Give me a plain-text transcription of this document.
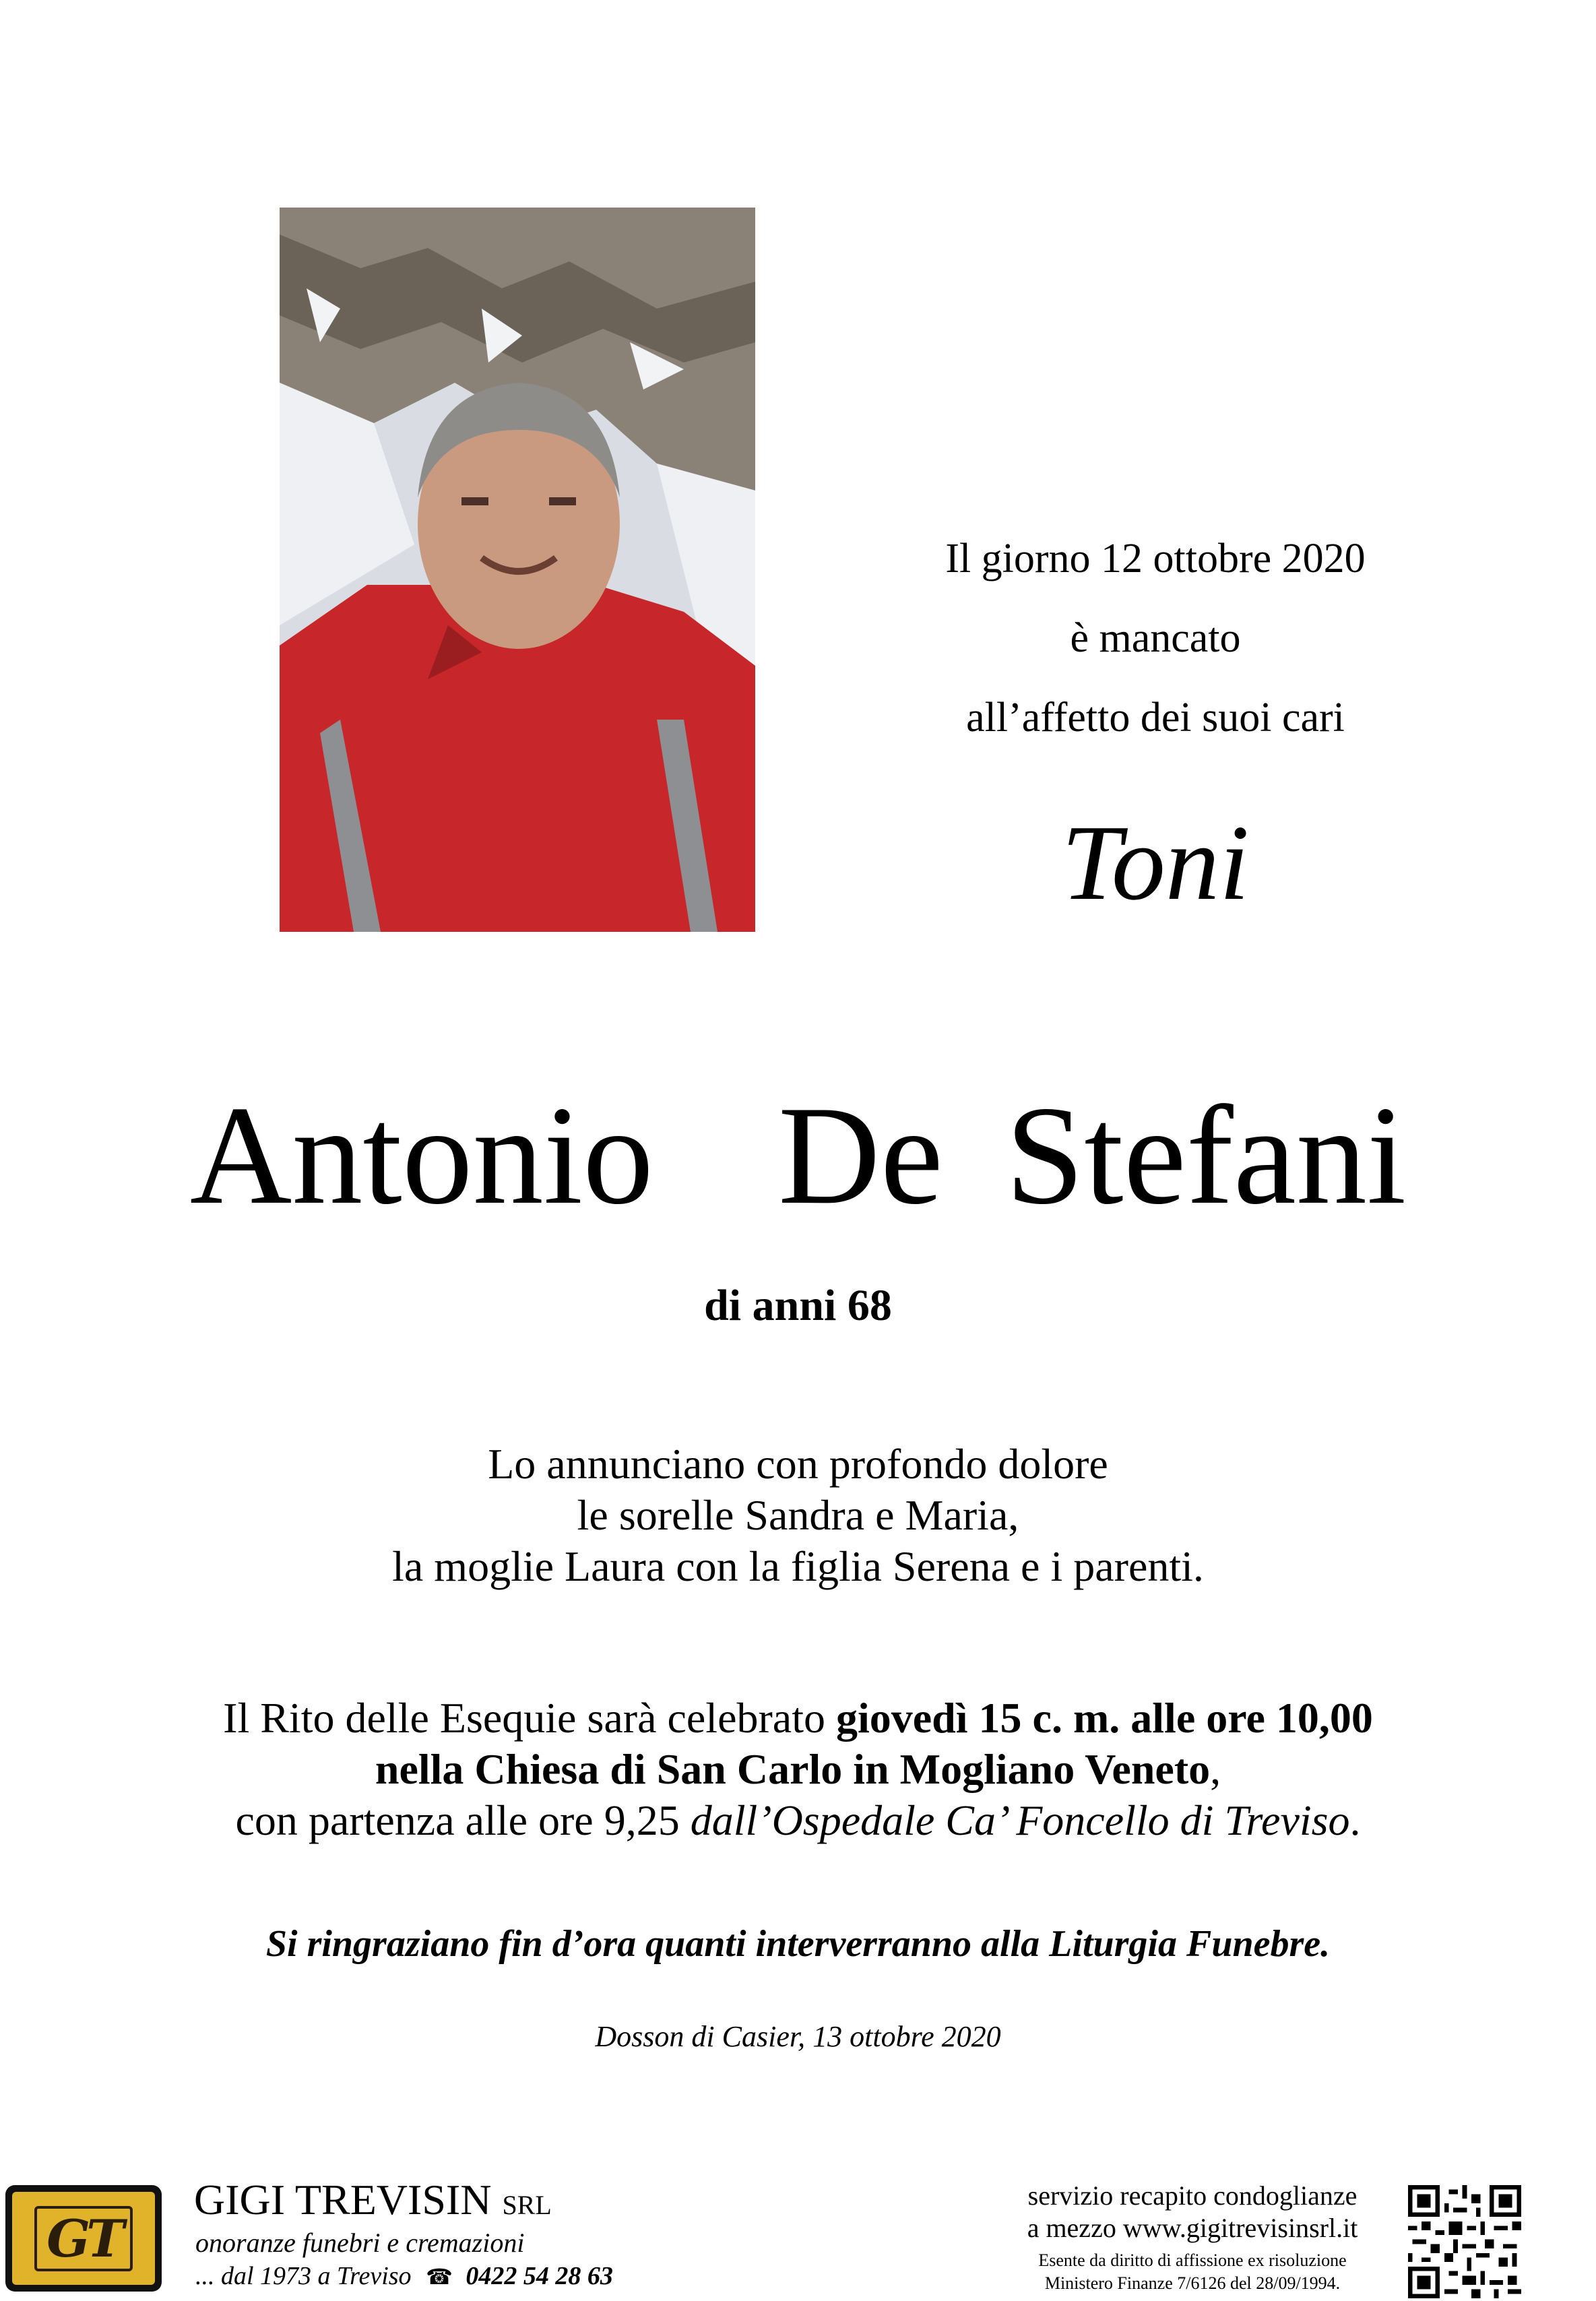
Il giorno 12 ottobre 2020
è mancato
all’affetto dei suoi cari
Toni
Antonio  De Stefani
di anni 68
Lo annunciano con profondo dolore
le sorelle Sandra e Maria,
la moglie Laura con la figlia Serena e i parenti.
Il Rito delle Esequie sarà celebrato giovedì 15 c. m. alle ore 10,00
nella Chiesa di San Carlo in Mogliano Veneto,
con partenza alle ore 9,25 dall’Ospedale Ca’ Foncello di Treviso.
Si ringraziano fin d’ora quanti interverranno alla Liturgia Funebre.
Dosson di Casier, 13 ottobre 2020
GT
GIGI TREVISIN SRL
onoranze funebri e cremazioni
... dal 1973 a Treviso ☎ 0422 54 28 63
servizio recapito condoglianze
a mezzo www.gigitrevisinsrl.it
Esente da diritto di affissione ex risoluzione
Ministero Finanze 7/6126 del 28/09/1994.
